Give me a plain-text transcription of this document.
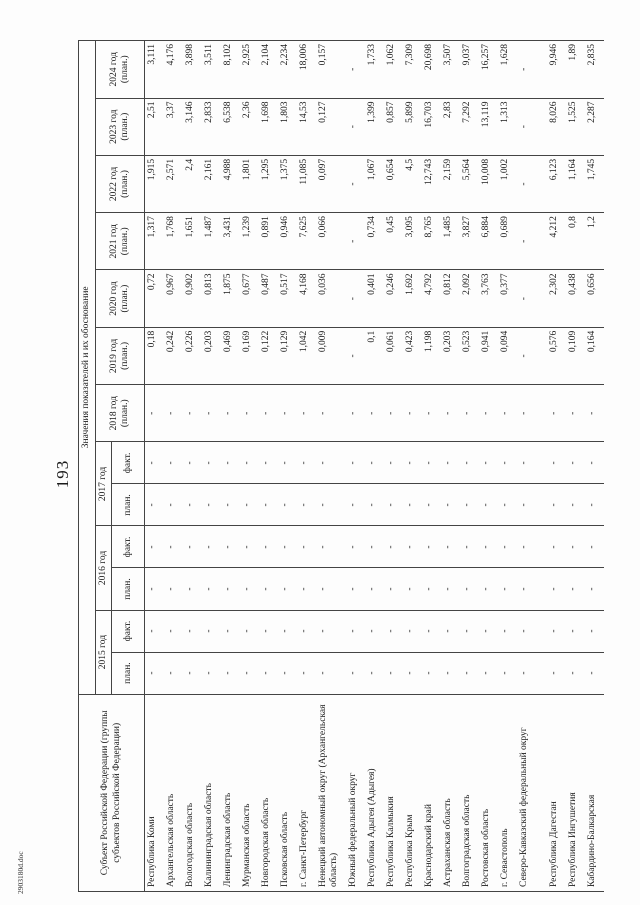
193
2903180d.doc	Субъект Российской Федерации (группы субъектов Российской Федерации)	Значения показателей и их обоснование												
	2015 год		2016 год		2017 год		2018 год (план.)	2019 год (план.)	2020 год (план.)	2021 год (план.)	2022 год (план.)	2023 год (план.)	2024 год (план.)
	план.	факт.	план.	факт.	план.	факт.							
Республика Коми	-	-	-	-	-	-	-	0,18	0,72	1,317	1,915	2,51	3,111
Архангельская область	-	-	-	-	-	-	-	0,242	0,967	1,768	2,571	3,37	4,176
Вологодская область	-	-	-	-	-	-	-	0,226	0,902	1,651	2,4	3,146	3,898
Калининградская область	-	-	-	-	-	-	-	0,203	0,813	1,487	2,161	2,833	3,511
Ленинградская область	-	-	-	-	-	-	-	0,469	1,875	3,431	4,988	6,538	8,102
Мурманская область	-	-	-	-	-	-	-	0,169	0,677	1,239	1,801	2,36	2,925
Новгородская область	-	-	-	-	-	-	-	0,122	0,487	0,891	1,295	1,698	2,104
Псковская область	-	-	-	-	-	-	-	0,129	0,517	0,946	1,375	1,803	2,234
г. Санкт-Петербург	-	-	-	-	-	-	-	1,042	4,168	7,625	11,085	14,53	18,006
Ненецкий автономный округ (Архангельская область)	-	-	-	-	-	-	-	0,009	0,036	0,066	0,097	0,127	0,157
Южный федеральный округ	-	-	-	-	-	-	-	-	-	-	-	-	-
Республика Адыгея (Адыгея)	-	-	-	-	-	-	-	0,1	0,401	0,734	1,067	1,399	1,733
Республика Калмыкия	-	-	-	-	-	-	-	0,061	0,246	0,45	0,654	0,857	1,062
Республика Крым	-	-	-	-	-	-	-	0,423	1,692	3,095	4,5	5,899	7,309
Краснодарский край	-	-	-	-	-	-	-	1,198	4,792	8,765	12,743	16,703	20,698
Астраханская область	-	-	-	-	-	-	-	0,203	0,812	1,485	2,159	2,83	3,507
Волгоградская область	-	-	-	-	-	-	-	0,523	2,092	3,827	5,564	7,292	9,037
Ростовская область	-	-	-	-	-	-	-	0,941	3,763	6,884	10,008	13,119	16,257
г. Севастополь	-	-	-	-	-	-	-	0,094	0,377	0,689	1,002	1,313	1,628
Северо-Кавказский федеральный округ	-	-	-	-	-	-	-	-	-	-	-	-	-
Республика Дагестан	-	-	-	-	-	-	-	0,576	2,302	4,212	6,123	8,026	9,946
Республика Ингушетия	-	-	-	-	-	-	-	0,109	0,438	0,8	1,164	1,525	1,89
Кабардино-Балкарская	-	-	-	-	-	-	-	0,164	0,656	1,2	1,745	2,287	2,835
